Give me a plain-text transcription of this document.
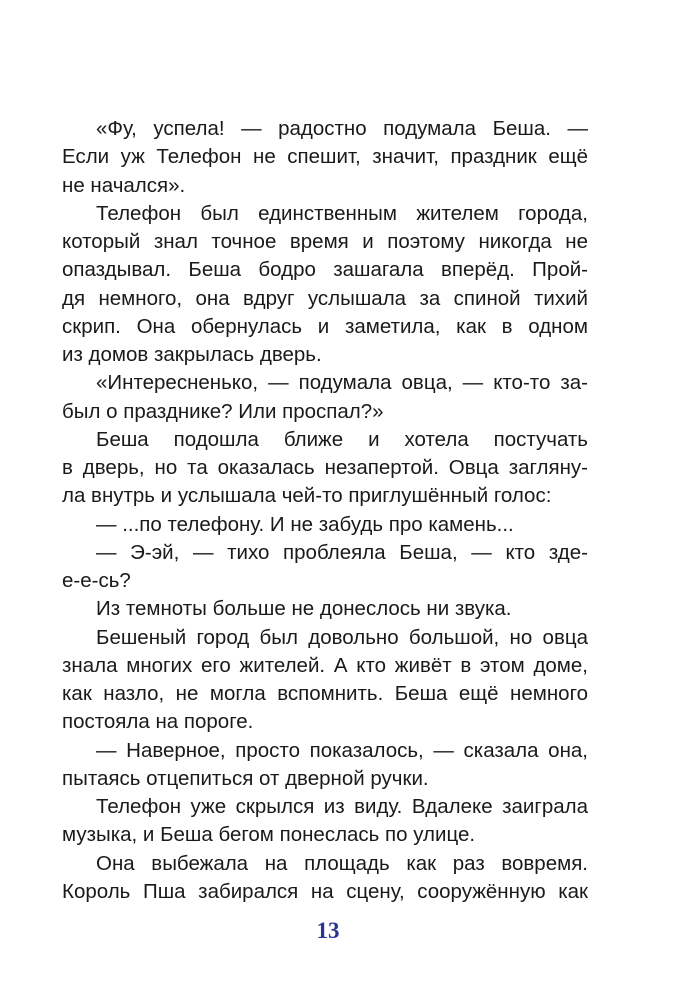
«Фу, успела! — радостно подумала Беша. —
Если уж Телефон не спешит, значит, праздник ещё
не начался».
Телефон был единственным жителем города,
который знал точное время и поэтому никогда не
опаздывал. Беша бодро зашагала вперёд. Прой-
дя немного, она вдруг услышала за спиной тихий
скрип. Она обернулась и заметила, как в одном
из домов закрылась дверь.
«Интересненько, — подумала овца, — кто-то за-
был о празднике? Или проспал?»
Беша подошла ближе и хотела постучать
в дверь, но та оказалась незапертой. Овца загляну-
ла внутрь и услышала чей-то приглушённый голос:
— ...по телефону. И не забудь про камень...
— Э-эй, — тихо проблеяла Беша, — кто зде-
е-е-сь?
Из темноты больше не донеслось ни звука.
Бешеный город был довольно большой, но овца
знала многих его жителей. А кто живёт в этом доме,
как назло, не могла вспомнить. Беша ещё немного
постояла на пороге.
— Наверное, просто показалось, — сказала она,
пытаясь отцепиться от дверной ручки.
Телефон уже скрылся из виду. Вдалеке заиграла
музыка, и Беша бегом понеслась по улице.
Она выбежала на площадь как раз вовремя.
Король Пша забирался на сцену, сооружённую как
13
